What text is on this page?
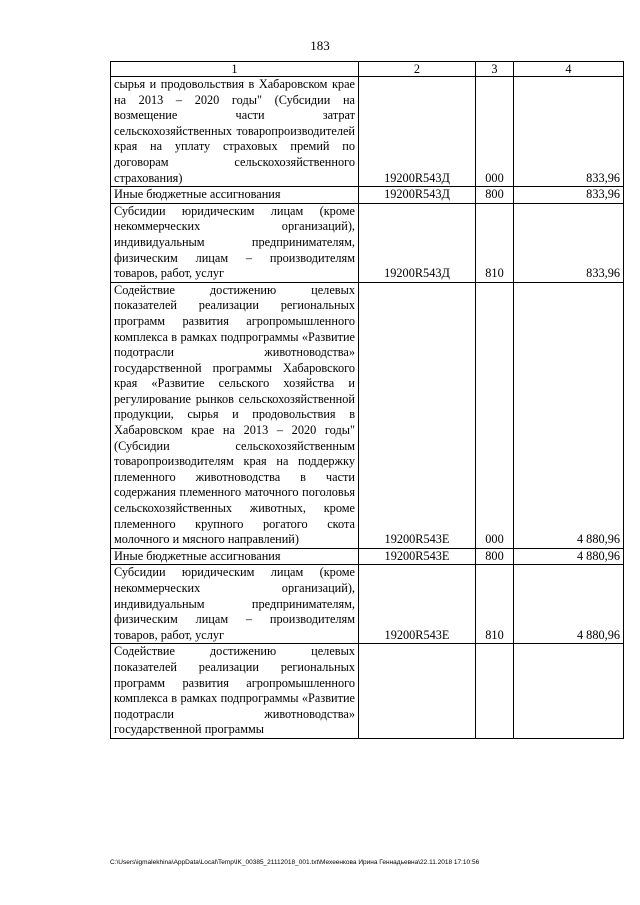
183
1	2	3	4
сырья и продовольствия в Хабаровском крае на 2013 – 2020 годы" (Субсидии на возмещение части затрат сельскохозяйственных товаропроизводителей края на уплату страховых премий по договорам сельскохозяйственного страхования)	19200R543Д	000	833,96
Иные бюджетные ассигнования	19200R543Д	800	833,96
Субсидии юридическим лицам (кроме некоммерческих организаций), индивидуальным предпринимателям, физическим лицам – производителям товаров, работ, услуг	19200R543Д	810	833,96
Содействие достижению целевых показателей реализации региональных программ развития агропромышленного комплекса в рамках подпрограммы «Развитие подотрасли животноводства» государственной программы Хабаровского края «Развитие сельского хозяйства и регулирование рынков сельскохозяйственной продукции, сырья и продовольствия в Хабаровском крае на 2013 – 2020 годы" (Субсидии сельскохозяйственным товаропроизводителям края на поддержку племенного животноводства в части содержания племенного маточного поголовья сельскохозяйственных животных, кроме племенного крупного рогатого скота молочного и мясного направлений)	19200R543Е	000	4 880,96
Иные бюджетные ассигнования	19200R543Е	800	4 880,96
Субсидии юридическим лицам (кроме некоммерческих организаций), индивидуальным предпринимателям, физическим лицам – производителям товаров, работ, услуг	19200R543Е	810	4 880,96
Содействие достижению целевых показателей реализации региональных программ развития агропромышленного комплекса в рамках подпрограммы «Развитие подотрасли животноводства» государственной программы			
C:\Users\igmalekhina\AppData\Local\Temp\IK_00385_21112018_001.txt\Мехеенкова Ирина Геннадьевна\22.11.2018 17:10:56
